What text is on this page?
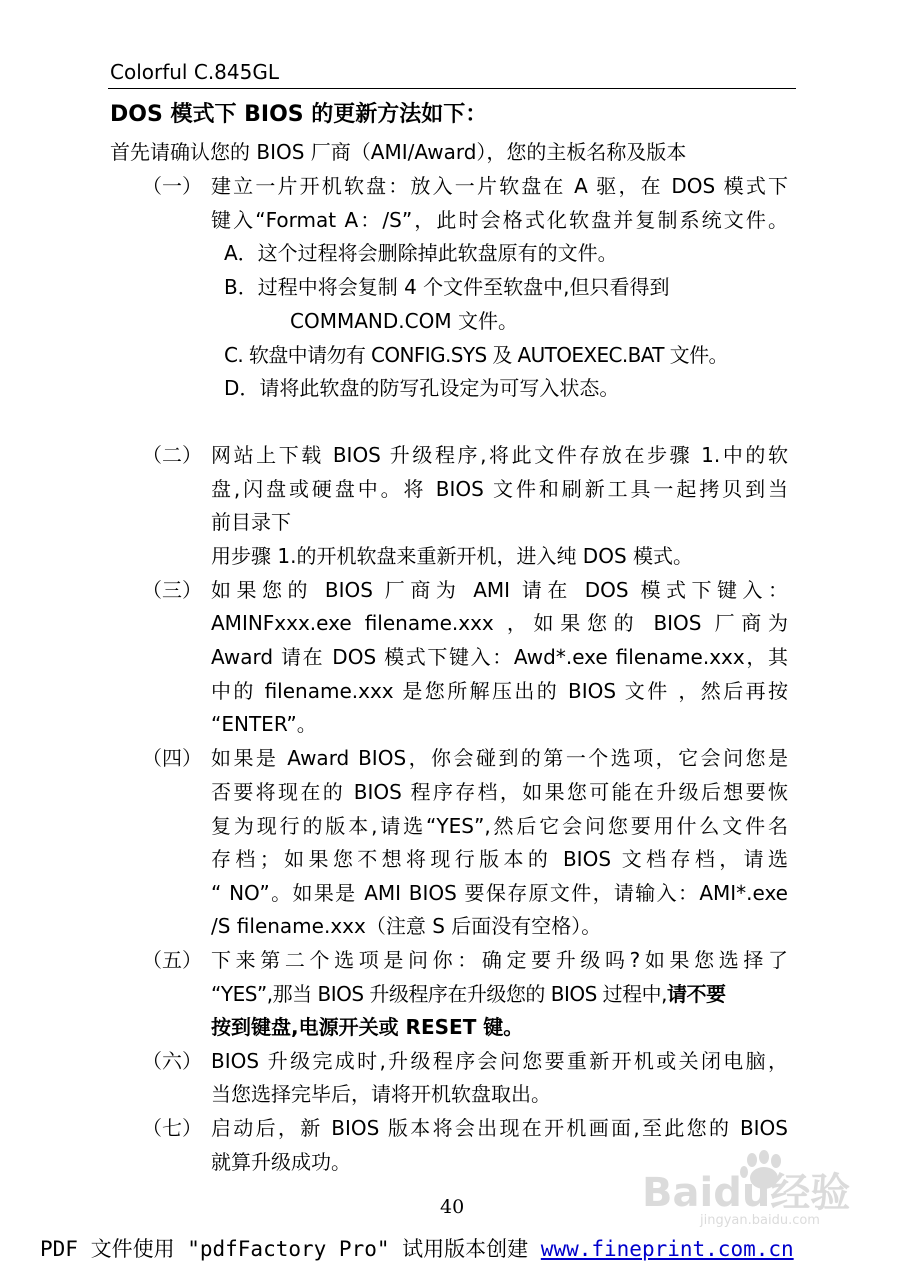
Colorful C.845GL
DOS 模式下 BIOS 的更新方法如下：
首先请确认您的 BIOS 厂商（AMI/Award），您的主板名称及版本
（一） 建立一片开机软盘：放入一片软盘在 A 驱，在 DOS 模式下
键入“Format A：/S”，此时会格式化软盘并复制系统文件。
A．这个过程将会删除掉此软盘原有的文件。
B．过程中将会复制 4 个文件至软盘中,但只看得到
COMMAND.COM 文件。
C. 软盘中请勿有 CONFIG.SYS 及 AUTOEXEC.BAT 文件。
D．请将此软盘的防写孔设定为可写入状态。
（二） 网站上下载 BIOS 升级程序,将此文件存放在步骤 1.中的软
盘,闪盘或硬盘中。将 BIOS 文件和刷新工具一起拷贝到当
前目录下
用步骤 1.的开机软盘来重新开机，进入纯 DOS 模式。
（三） 如果您的 BIOS 厂商为 AMI 请在 DOS 模式下键入：
AMINFxxx.exe filename.xxx ，如果您的 BIOS 厂商为
Award 请在 DOS 模式下键入：Awd*.exe filename.xxx，其
中的 filename.xxx 是您所解压出的 BIOS 文件 ，然后再按
“ENTER”。
（四） 如果是 Award BIOS，你会碰到的第一个选项，它会问您是
否要将现在的 BIOS 程序存档，如果您可能在升级后想要恢
复为现行的版本,请选“YES”,然后它会问您要用什么文件名
存档；如果您不想将现行版本的 BIOS 文档存档，请选
“ NO”。如果是 AMI BIOS 要保存原文件，请输入：AMI*.exe
/S filename.xxx（注意 S 后面没有空格）。
（五） 下来第二个选项是问你：确定要升级吗?如果您选择了
“YES”,那当 BIOS 升级程序在升级您的 BIOS 过程中,请不要
按到键盘,电源开关或 RESET 键。
（六） BIOS 升级完成时,升级程序会问您要重新开机或关闭电脑，
当您选择完毕后，请将开机软盘取出。
（七） 启动后，新 BIOS 版本将会出现在开机画面,至此您的 BIOS
就算升级成功。
Baidu经验
jingyan.baidu.com
40
PDF 文件使用 "pdfFactory Pro" 试用版本创建 www.fineprint.com.cn
